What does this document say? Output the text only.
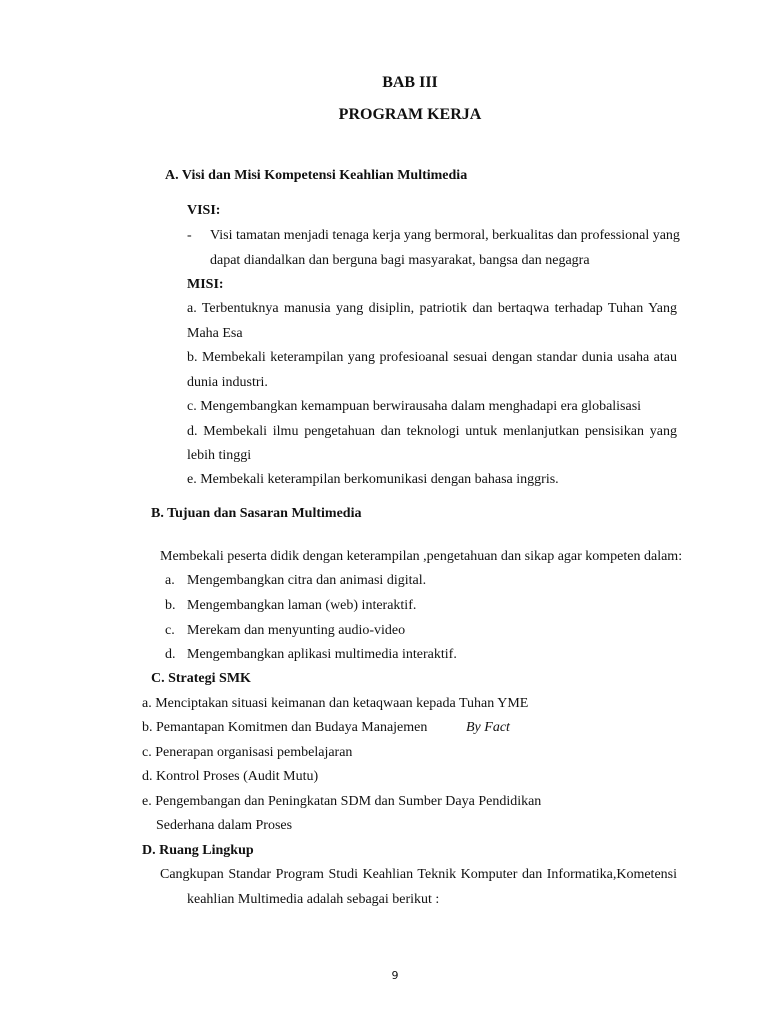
BAB III
PROGRAM KERJA
A. Visi dan Misi Kompetensi Keahlian Multimedia
VISI:
- Visi tamatan menjadi tenaga kerja yang bermoral, berkualitas dan professional yang
dapat diandalkan dan berguna bagi masyarakat, bangsa dan negagra
MISI:
a. Terbentuknya manusia yang disiplin, patriotik dan bertaqwa terhadap Tuhan Yang
Maha Esa
b. Membekali keterampilan yang profesioanal sesuai dengan standar dunia usaha atau
dunia industri.
c. Mengembangkan kemampuan berwirausaha dalam menghadapi era globalisasi
d. Membekali ilmu pengetahuan dan teknologi untuk menlanjutkan pensisikan yang
lebih tinggi
e. Membekali keterampilan berkomunikasi dengan bahasa inggris.
B. Tujuan dan Sasaran Multimedia
Membekali peserta didik dengan keterampilan ,pengetahuan dan sikap agar kompeten dalam:
a. Mengembangkan citra dan animasi digital.
b. Mengembangkan laman (web) interaktif.
c. Merekam dan menyunting audio-video
d. Mengembangkan aplikasi multimedia interaktif.
C. Strategi SMK
a. Menciptakan situasi keimanan dan ketaqwaan kepada Tuhan YME
b. Pemantapan Komitmen dan Budaya Manajemen	By Fact
c. Penerapan organisasi pembelajaran
d. Kontrol Proses (Audit Mutu)
e. Pengembangan dan Peningkatan SDM dan Sumber Daya Pendidikan
Sederhana dalam Proses
D. Ruang Lingkup
Cangkupan Standar Program Studi Keahlian Teknik Komputer dan Informatika,Kometensi
keahlian Multimedia adalah sebagai berikut :
9
